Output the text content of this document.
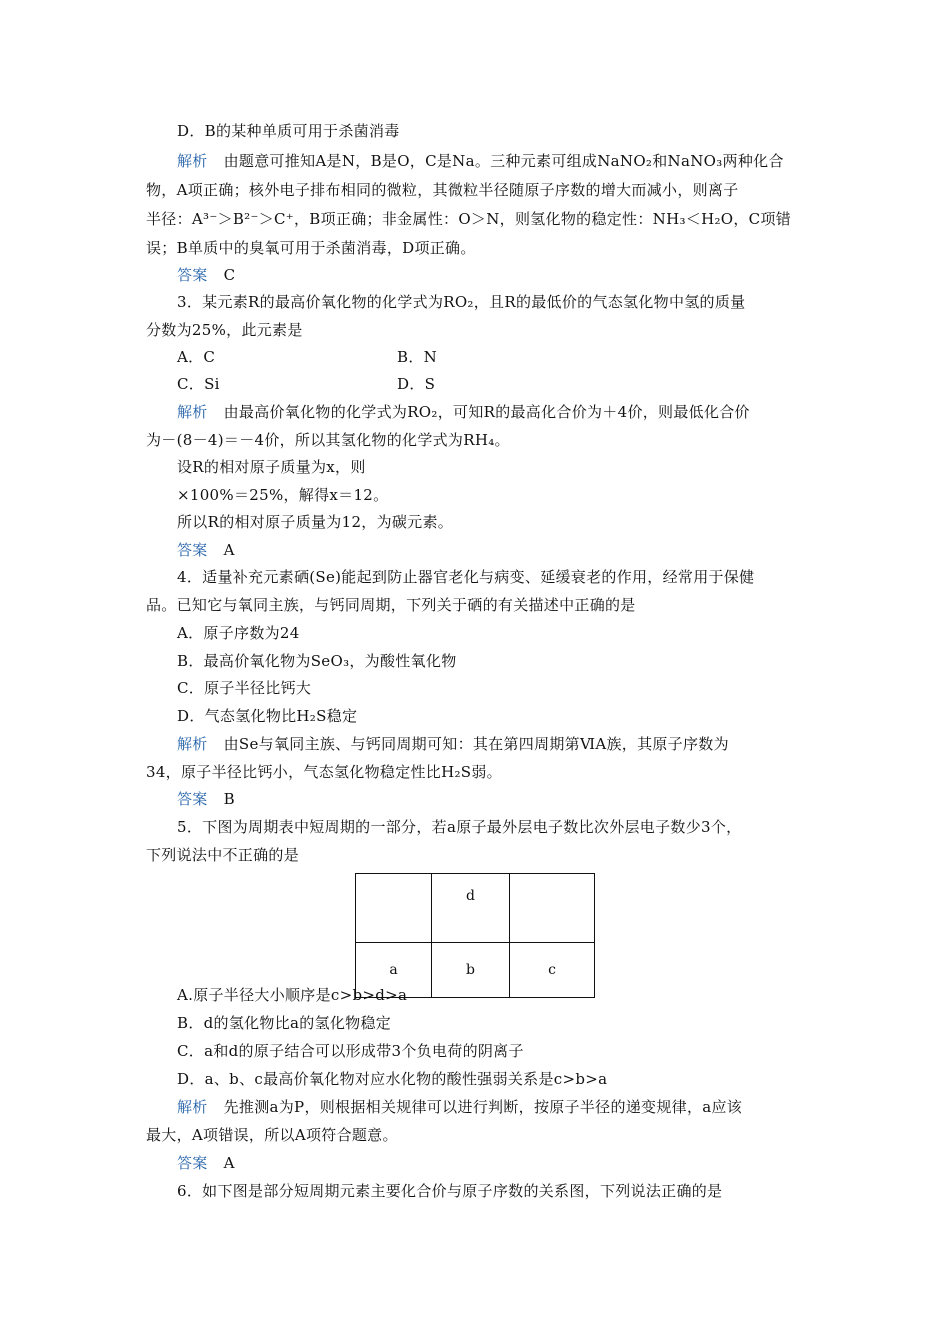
D．B的某种单质可用于杀菌消毒
解析 由题意可推知A是N，B是O，C是Na。三种元素可组成NaNO₂和NaNO₃两种化合
物，A项正确；核外电子排布相同的微粒，其微粒半径随原子序数的增大而减小，则离子
半径：A³⁻＞B²⁻＞C⁺，B项正确；非金属性：O＞N，则氢化物的稳定性：NH₃＜H₂O，C项错
误；B单质中的臭氧可用于杀菌消毒，D项正确。
答案 C
3．某元素R的最高价氧化物的化学式为RO₂，且R的最低价的气态氢化物中氢的质量
分数为25%，此元素是
A．C	B．N
C．Si	D．S
解析 由最高价氧化物的化学式为RO₂，可知R的最高化合价为＋4价，则最低化合价
为－(8－4)＝－4价，所以其氢化物的化学式为RH₄。
设R的相对原子质量为x，则
×100%＝25%，解得x＝12。
所以R的相对原子质量为12，为碳元素。
答案 A
4．适量补充元素硒(Se)能起到防止器官老化与病变、延缓衰老的作用，经常用于保健
品。已知它与氧同主族，与钙同周期，下列关于硒的有关描述中正确的是
A．原子序数为24
B．最高价氧化物为SeO₃，为酸性氧化物
C．原子半径比钙大
D．气态氢化物比H₂S稳定
解析 由Se与氧同主族、与钙同周期可知：其在第四周期第ⅥA族，其原子序数为
34，原子半径比钙小，气态氢化物稳定性比H₂S弱。
答案 B
5．下图为周期表中短周期的一部分，若a原子最外层电子数比次外层电子数少3个，
下列说法中不正确的是
	d	
a	b	c
A.原子半径大小顺序是c>b>d>a
B．d的氢化物比a的氢化物稳定
C．a和d的原子结合可以形成带3个负电荷的阴离子
D．a、b、c最高价氧化物对应水化物的酸性强弱关系是c>b>a
解析 先推测a为P，则根据相关规律可以进行判断，按原子半径的递变规律，a应该
最大，A项错误，所以A项符合题意。
答案 A
6．如下图是部分短周期元素主要化合价与原子序数的关系图，下列说法正确的是
